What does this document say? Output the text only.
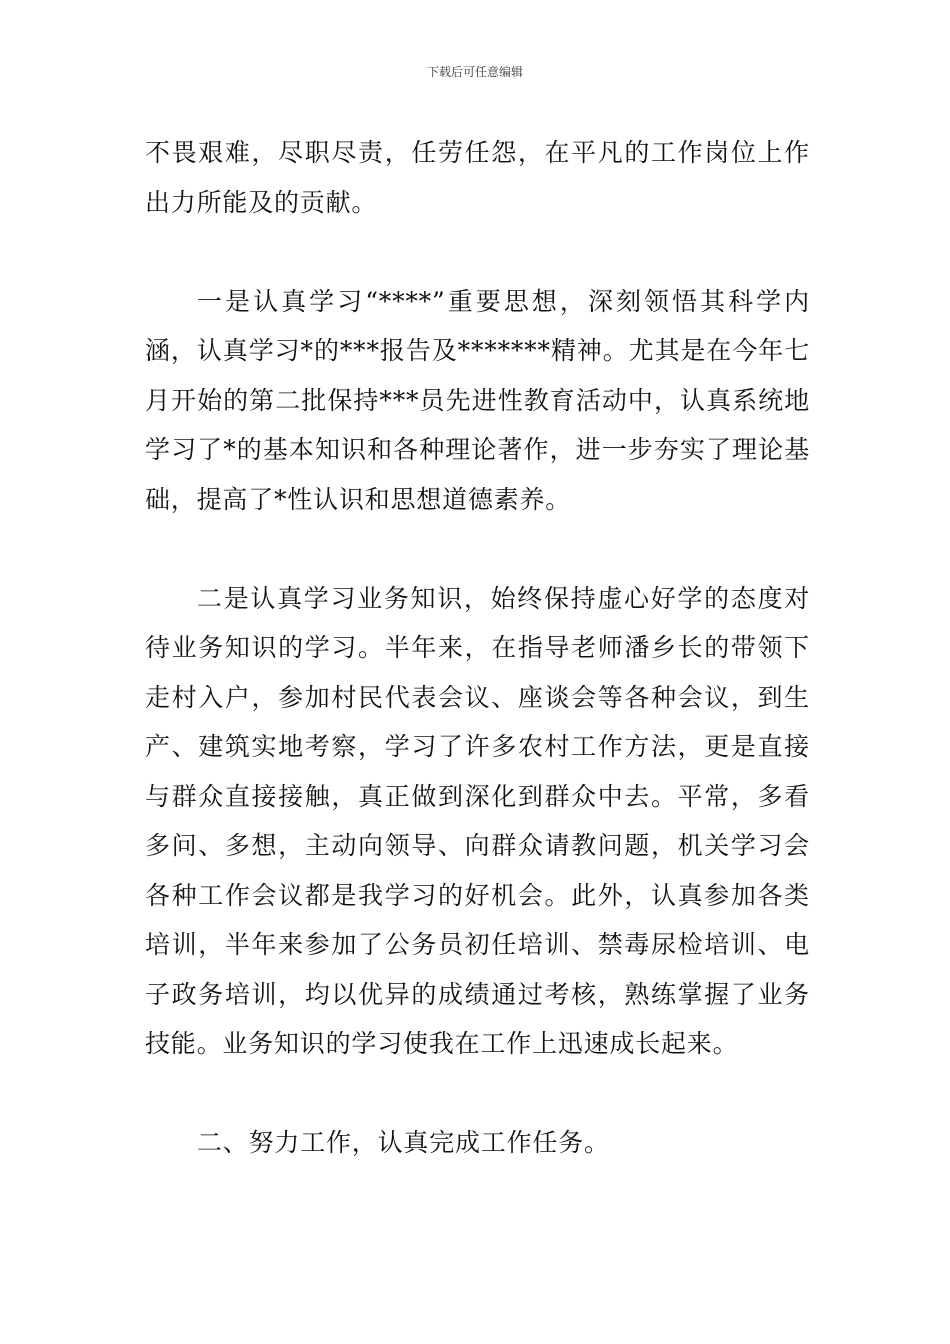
下载后可任意编辑

不畏艰难，尽职尽责，任劳任怨，在平凡的工作岗位上作出力所能及的贡献。

一是认真学习“****”重要思想，深刻领悟其科学内涵，认真学习*的***报告及*******精神。尤其是在今年七月开始的第二批保持***员先进性教育活动中，认真系统地学习了*的基本知识和各种理论著作，进一步夯实了理论基础，提高了*性认识和思想道德素养。

二是认真学习业务知识，始终保持虚心好学的态度对待业务知识的学习。半年来，在指导老师潘乡长的带领下走村入户，参加村民代表会议、座谈会等各种会议，到生产、建筑实地考察，学习了许多农村工作方法，更是直接与群众直接接触，真正做到深化到群众中去。平常，多看多问、多想，主动向领导、向群众请教问题，机关学习会各种工作会议都是我学习的好机会。此外，认真参加各类培训，半年来参加了公务员初任培训、禁毒尿检培训、电子政务培训，均以优异的成绩通过考核，熟练掌握了业务技能。业务知识的学习使我在工作上迅速成长起来。

二、努力工作，认真完成工作任务。
